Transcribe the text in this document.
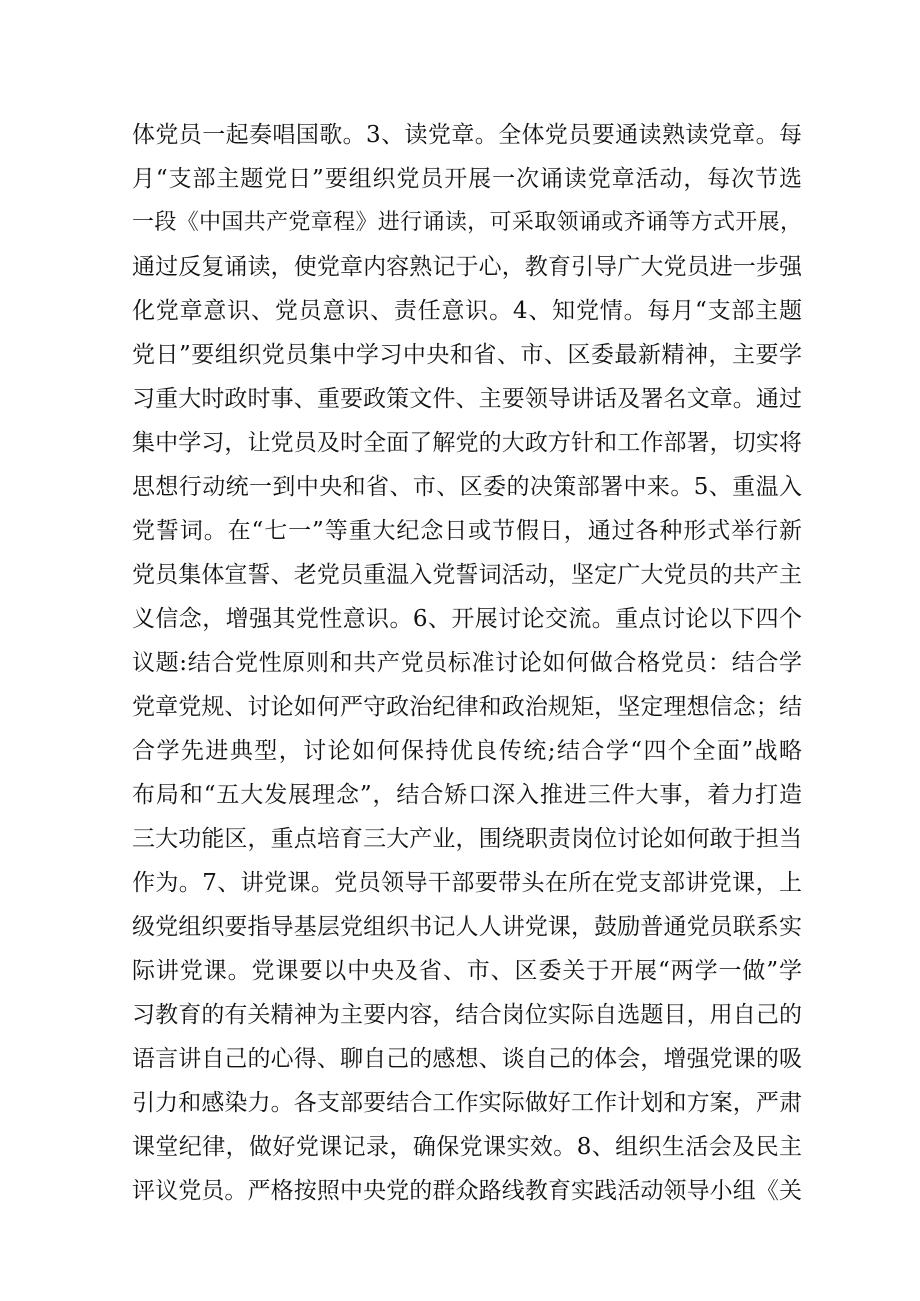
体党员一起奏唱国歌。3、读党章。全体党员要通读熟读党章。每
月“支部主题党日”要组织党员开展一次诵读党章活动，每次节选
一段《中国共产党章程》进行诵读，可采取领诵或齐诵等方式开展，
通过反复诵读，使党章内容熟记于心，教育引导广大党员进一步强
化党章意识、党员意识、责任意识。4、知党情。每月“支部主题
党日”要组织党员集中学习中央和省、市、区委最新精神，主要学
习重大时政时事、重要政策文件、主要领导讲话及署名文章。通过
集中学习，让党员及时全面了解党的大政方针和工作部署，切实将
思想行动统一到中央和省、市、区委的决策部署中来。5、重温入
党誓词。在“七一”等重大纪念日或节假日，通过各种形式举行新
党员集体宣誓、老党员重温入党誓词活动，坚定广大党员的共产主
义信念，增强其党性意识。6、开展讨论交流。重点讨论以下四个
议题:结合党性原则和共产党员标准讨论如何做合格党员：结合学
党章党规、讨论如何严守政治纪律和政治规矩，坚定理想信念；结
合学先进典型，讨论如何保持优良传统;结合学“四个全面”战略
布局和“五大发展理念”，结合矫口深入推进三件大事，着力打造
三大功能区，重点培育三大产业，围绕职责岗位讨论如何敢于担当
作为。7、讲党课。党员领导干部要带头在所在党支部讲党课，上
级党组织要指导基层党组织书记人人讲党课，鼓励普通党员联系实
际讲党课。党课要以中央及省、市、区委关于开展“两学一做”学
习教育的有关精神为主要内容，结合岗位实际自选题目，用自己的
语言讲自己的心得、聊自己的感想、谈自己的体会，增强党课的吸
引力和感染力。各支部要结合工作实际做好工作计划和方案，严肃
课堂纪律，做好党课记录，确保党课实效。8、组织生活会及民主
评议党员。严格按照中央党的群众路线教育实践活动领导小组《关
